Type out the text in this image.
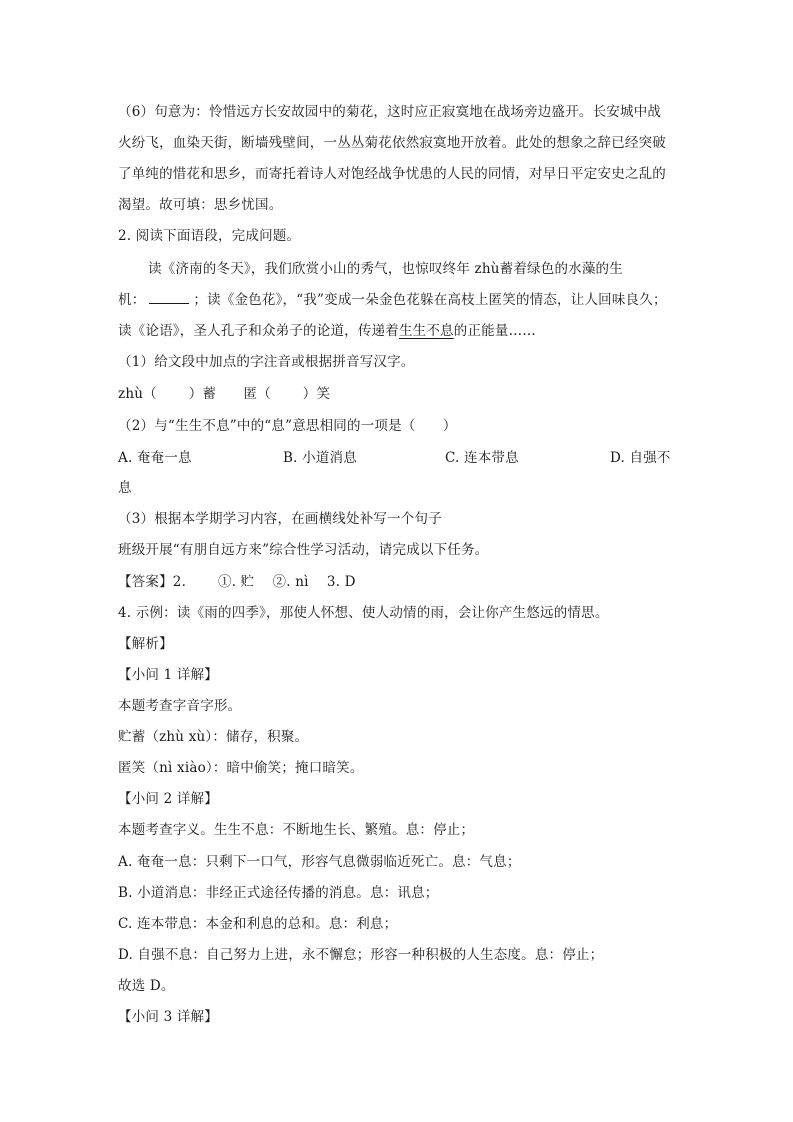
（6）句意为：怜惜远方长安故园中的菊花，这时应正寂寞地在战场旁边盛开。长安城中战
火纷飞，血染天街，断墙残壁间，一丛丛菊花依然寂寞地开放着。此处的想象之辞已经突破
了单纯的惜花和思乡，而寄托着诗人对饱经战争忧患的人民的同情，对早日平定安史之乱的
渴望。故可填：思乡忧国。
2. 阅读下面语段，完成问题。
读《济南的冬天》，我们欣赏小山的秀气，也惊叹终年 zhù蓄着绿色的水藻的生
机：	；读《金色花》，“我”变成一朵金色花躲在高枝上匿笑的情态，让人回味良久；
读《论语》，圣人孔子和众弟子的论道，传递着生生不息的正能量……
（1）给文段中加点的字注音或根据拼音写汉字。
zhù（　　 ）蓄　　匿（　　 ）笑
（2）与“生生不息”中的“息”意思相同的一项是（　　）
A. 奄奄一息	B. 小道消息	C. 连本带息	D. 自强不
息
（3）根据本学期学习内容，在画横线处补写一个句子
班级开展“有朋自远方来”综合性学习活动，请完成以下任务。
【答案】2.　　 ①. 贮　 ②. nì　 3. D
4. 示例：读《雨的四季》，那使人怀想、使人动情的雨，会让你产生悠远的情思。
【解析】
【小问 1 详解】
本题考查字音字形。
贮蓄（zhù xù）：储存，积聚。
匿笑（nì xiào）：暗中偷笑；掩口暗笑。
【小问 2 详解】
本题考查字义。生生不息：不断地生长、繁殖。息：停止；
A. 奄奄一息：只剩下一口气，形容气息微弱临近死亡。息：气息；
B. 小道消息：非经正式途径传播的消息。息：讯息；
C. 连本带息：本金和利息的总和。息：利息；
D. 自强不息：自己努力上进，永不懈怠；形容一种积极的人生态度。息：停止；
故选 D。
【小问 3 详解】
